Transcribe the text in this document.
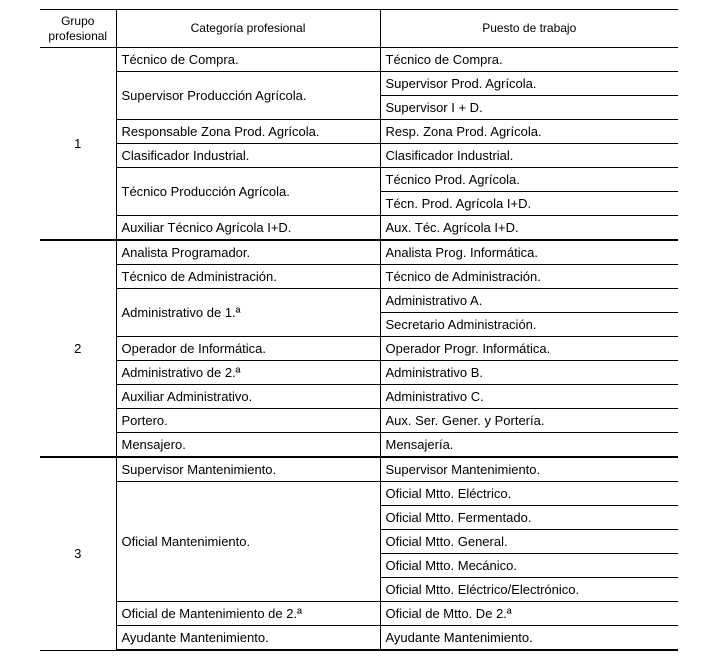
Grupo profesional	Categoría profesional	Puesto de trabajo
1	Técnico de Compra.	Técnico de Compra.
	Supervisor Producción Agrícola.	Supervisor Prod. Agrícola.
		Supervisor I + D.
	Responsable Zona Prod. Agrícola.	Resp. Zona Prod. Agrícola.
	Clasificador Industrial.	Clasificador Industrial.
	Técnico Producción Agrícola.	Técnico Prod. Agrícola.
		Técn. Prod. Agrícola I+D.
	Auxiliar Técnico Agrícola I+D.	Aux. Téc. Agrícola I+D.
2	Analista Programador.	Analista Prog. Informática.
	Técnico de Administración.	Técnico de Administración.
	Administrativo de 1.ª	Administrativo A.
		Secretario Administración.
	Operador de Informática.	Operador Progr. Informática.
	Administrativo de 2.ª	Administrativo B.
	Auxiliar Administrativo.	Administrativo C.
	Portero.	Aux. Ser. Gener. y Portería.
	Mensajero.	Mensajería.
3	Supervisor Mantenimiento.	Supervisor Mantenimiento.
	Oficial Mantenimiento.	Oficial Mtto. Eléctrico.
		Oficial Mtto. Fermentado.
		Oficial Mtto. General.
		Oficial Mtto. Mecánico.
		Oficial Mtto. Eléctrico/Electrónico.
	Oficial de Mantenimiento de 2.ª	Oficial de Mtto. De 2.ª
	Ayudante Mantenimiento.	Ayudante Mantenimiento.
